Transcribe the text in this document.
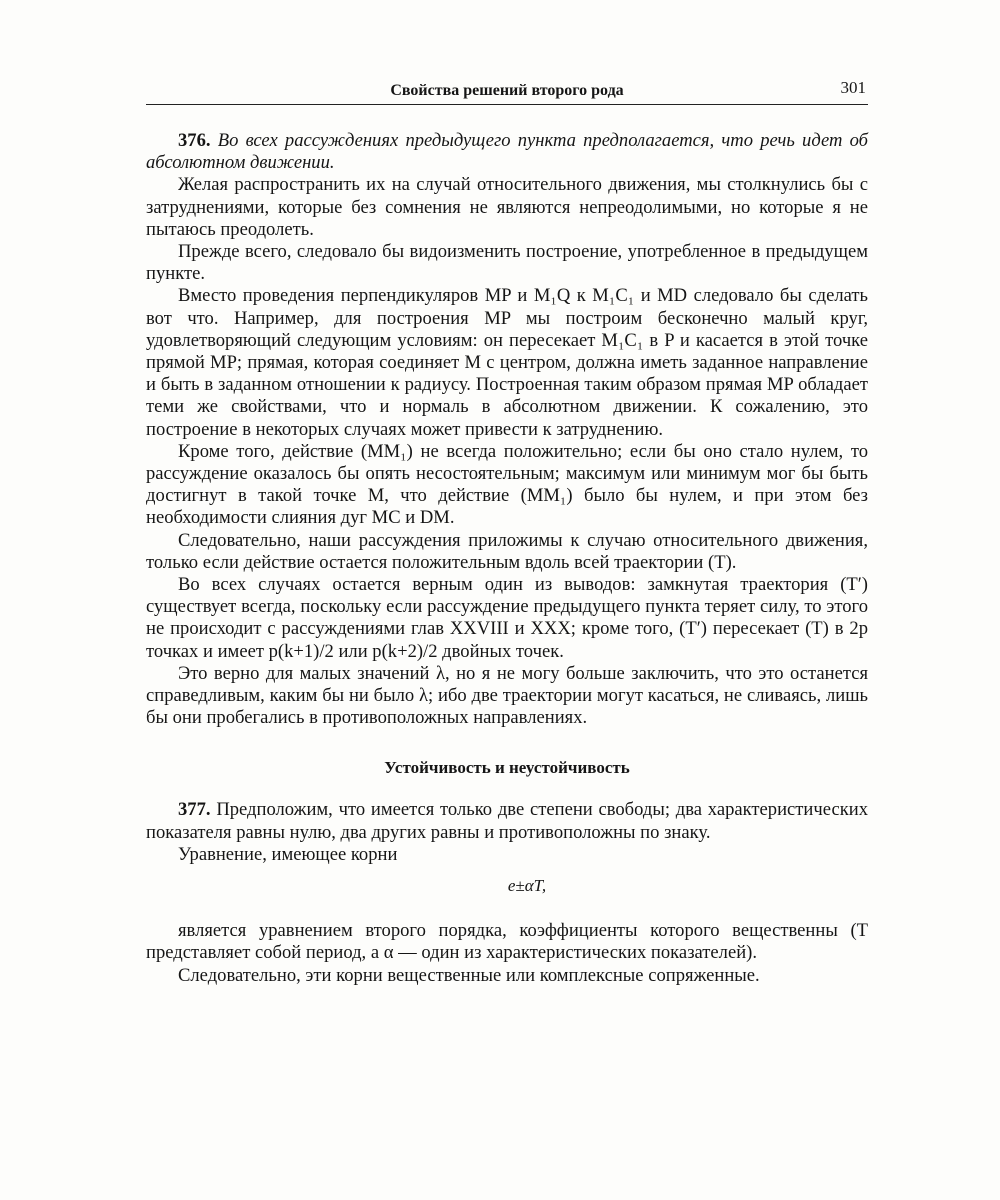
Свойства решений второго рода	301

376. Во всех рассуждениях предыдущего пункта предполагается, что речь идет об абсолютном движении.

Желая распространить их на случай относительного движения, мы столкнулись бы с затруднениями, которые без сомнения не являются непреодолимыми, но которые я не пытаюсь преодолеть.

Прежде всего, следовало бы видоизменить построение, употребленное в предыдущем пункте.

Вместо проведения перпендикуляров MP и M₁Q к M₁C₁ и MD следовало бы сделать вот что. Например, для построения MP мы построим бесконечно малый круг, удовлетворяющий следующим условиям: он пересекает M₁C₁ в P и касается в этой точке прямой MP; прямая, которая соединяет M с центром, должна иметь заданное направление и быть в заданном отношении к радиусу. Построенная таким образом прямая MP обладает теми же свойствами, что и нормаль в абсолютном движении. К сожалению, это построение в некоторых случаях может привести к затруднению.

Кроме того, действие (MM₁) не всегда положительно; если бы оно стало нулем, то рассуждение оказалось бы опять несостоятельным; максимум или минимум мог бы быть достигнут в такой точке M, что действие (MM₁) было бы нулем, и при этом без необходимости слияния дуг MC и DM.

Следовательно, наши рассуждения приложимы к случаю относительного движения, только если действие остается положительным вдоль всей траектории (T).

Во всех случаях остается верным один из выводов: замкнутая траектория (T′) существует всегда, поскольку если рассуждение предыдущего пункта теряет силу, то этого не происходит с рассуждениями глав XXVIII и XXX; кроме того, (T′) пересекает (T) в 2p точках и имеет p(k+1)/2 или p(k+2)/2 двойных точек.

Это верно для малых значений λ, но я не могу больше заключить, что это останется справедливым, каким бы ни было λ; ибо две траектории могут касаться, не сливаясь, лишь бы они пробегались в противоположных направлениях.

Устойчивость и неустойчивость

377. Предположим, что имеется только две степени свободы; два характеристических показателя равны нулю, два других равны и противоположны по знаку.

Уравнение, имеющее корни

e±αT,

является уравнением второго порядка, коэффициенты которого вещественны (T представляет собой период, а α — один из характеристических показателей).

Следовательно, эти корни вещественные или комплексные сопряженные.
